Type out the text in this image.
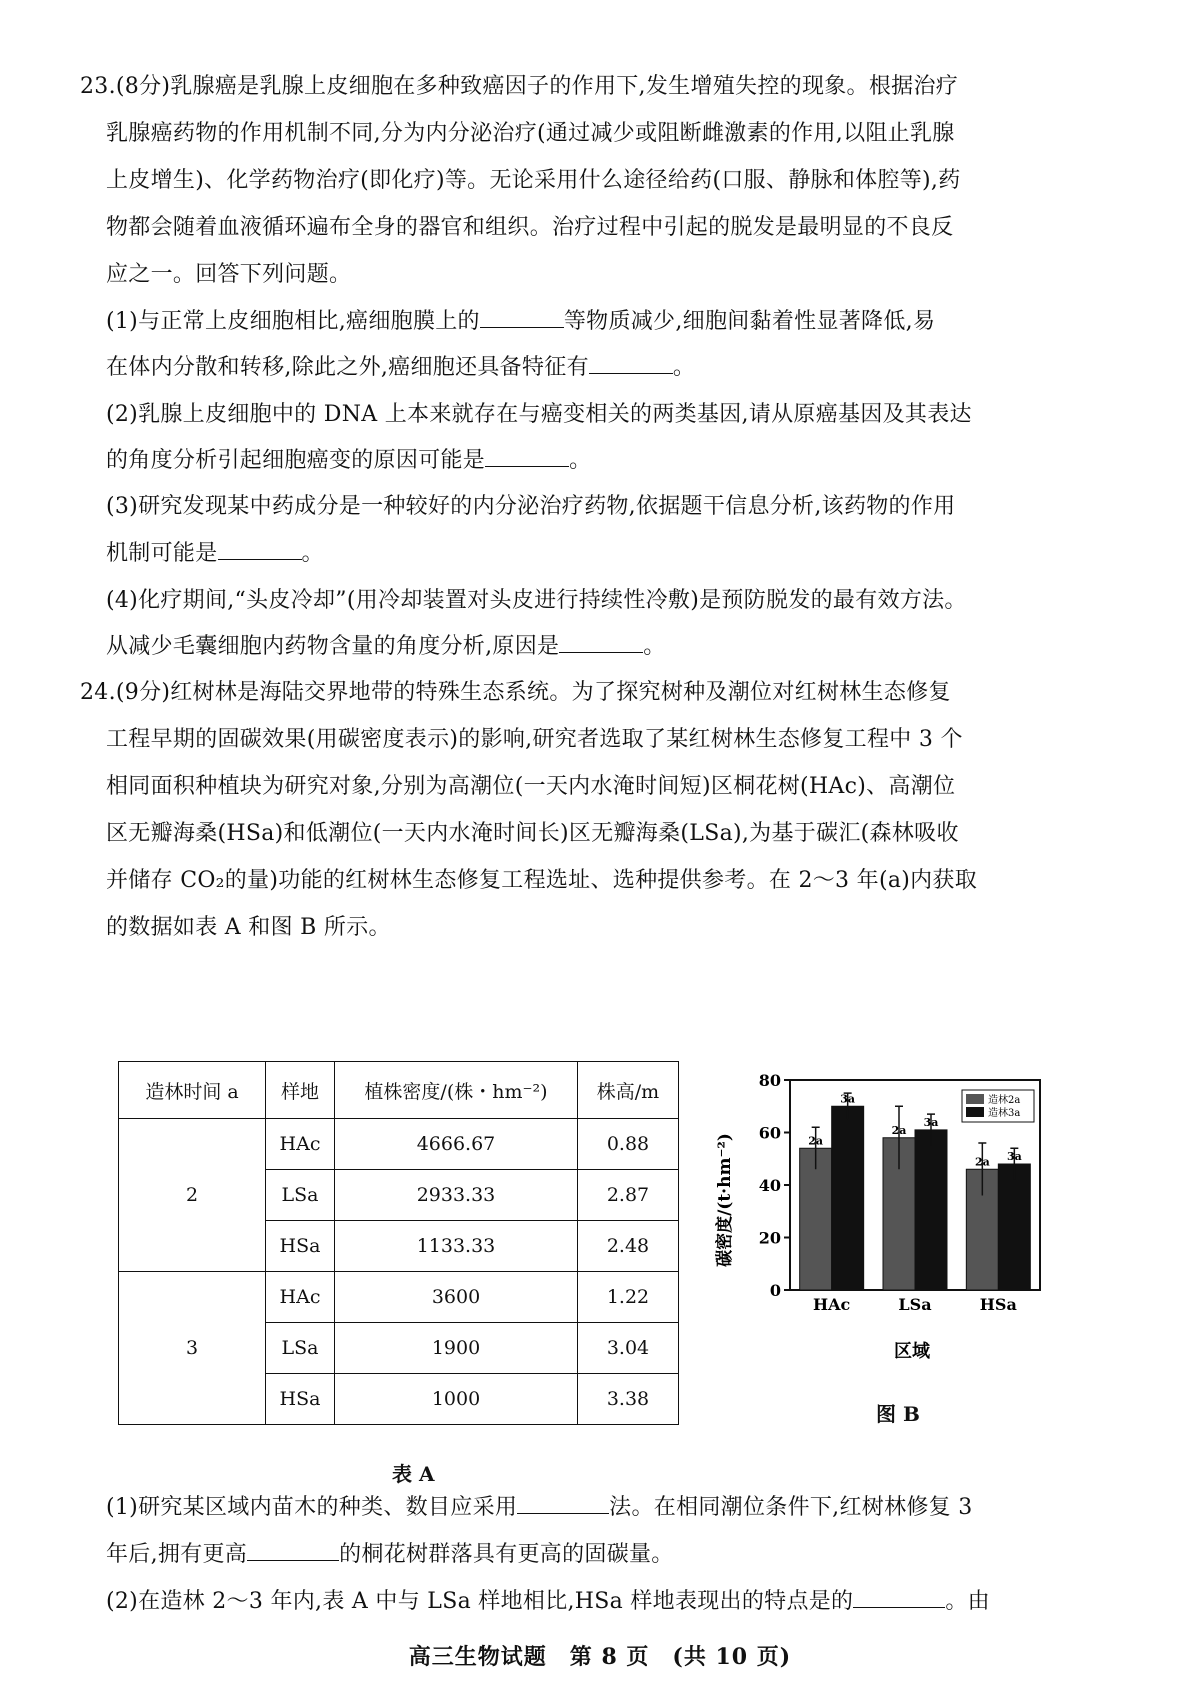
23.(8分)乳腺癌是乳腺上皮细胞在多种致癌因子的作用下,发生增殖失控的现象。根据治疗
乳腺癌药物的作用机制不同,分为内分泌治疗(通过减少或阻断雌激素的作用,以阻止乳腺
上皮增生)、化学药物治疗(即化疗)等。无论采用什么途径给药(口服、静脉和体腔等),药
物都会随着血液循环遍布全身的器官和组织。治疗过程中引起的脱发是最明显的不良反
应之一。回答下列问题。
(1)与正常上皮细胞相比,癌细胞膜上的	等物质减少,细胞间黏着性显著降低,易
在体内分散和转移,除此之外,癌细胞还具备特征有	。
(2)乳腺上皮细胞中的 DNA 上本来就存在与癌变相关的两类基因,请从原癌基因及其表达
的角度分析引起细胞癌变的原因可能是	。
(3)研究发现某中药成分是一种较好的内分泌治疗药物,依据题干信息分析,该药物的作用
机制可能是	。
(4)化疗期间,“头皮冷却”(用冷却装置对头皮进行持续性冷敷)是预防脱发的最有效方法。
从减少毛囊细胞内药物含量的角度分析,原因是	。
24.(9分)红树林是海陆交界地带的特殊生态系统。为了探究树种及潮位对红树林生态修复
工程早期的固碳效果(用碳密度表示)的影响,研究者选取了某红树林生态修复工程中 3 个
相同面积种植块为研究对象,分别为高潮位(一天内水淹时间短)区桐花树(HAc)、高潮位
区无瓣海桑(HSa)和低潮位(一天内水淹时间长)区无瓣海桑(LSa),为基于碳汇(森林吸收
并储存 CO₂的量)功能的红树林生态修复工程选址、选种提供参考。在 2～3 年(a)内获取
的数据如表 A 和图 B 所示。
造林时间 a	样地	植株密度/(株・hm⁻²)	株高/m
2	HAc	4666.67	0.88
	LSa	2933.33	2.87
	HSa	1133.33	2.48
3	HAc	3600	1.22
	LSa	1900	3.04
	HSa	1000	3.38
表 A
碳密度/(t·hm⁻²)
区域
0
20
40
60
80
2a
3a
HAc
2a
3a
LSa
2a 3a
HSa
造林2a
造林3a
图 B
(1)研究某区域内苗木的种类、数目应采用	法。在相同潮位条件下,红树林修复 3
年后,拥有更高	的桐花树群落具有更高的固碳量。
(2)在造林 2～3 年内,表 A 中与 LSa 样地相比,HSa 样地表现出的特点是的	。由
高三生物试题　第 8 页　(共 10 页)
